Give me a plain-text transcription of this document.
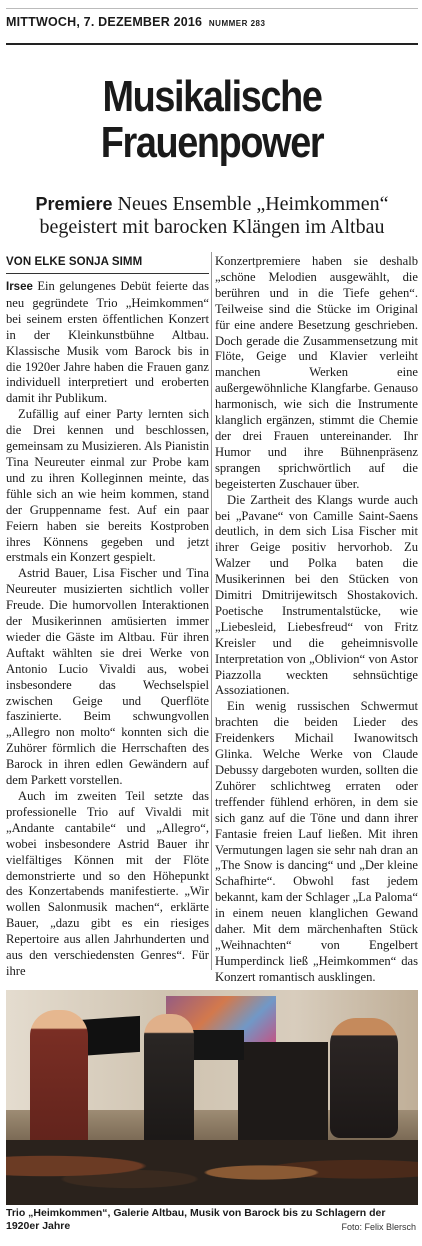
MITTWOCH, 7. DEZEMBER 2016 NUMMER 283
Musikalische
Frauenpower
Premiere Neues Ensemble „Heimkommen“
begeistert mit barocken Klängen im Altbau
VON ELKE SONJA SIMM

Irsee Ein gelungenes Debüt feierte das neu gegründete Trio „Heimkommen“ bei seinem ersten öffentlichen Konzert in der Kleinkunstbühne Altbau. Klassische Musik vom Barock bis in die 1920er Jahre haben die Frauen ganz individuell interpretiert und eroberten damit ihr Publikum.

Zufällig auf einer Party lernten sich die Drei kennen und beschlossen, gemeinsam zu Musizieren. Als Pianistin Tina Neureuter einmal zur Probe kam und zu ihren Kolleginnen meinte, das fühle sich an wie heim kommen, stand der Gruppenname fest. Auf ein paar Feiern haben sie bereits Kostproben ihres Könnens gegeben und jetzt erstmals ein Konzert gespielt.

Astrid Bauer, Lisa Fischer und Tina Neureuter musizierten sichtlich voller Freude. Die humorvollen Interaktionen der Musikerinnen amüsierten immer wieder die Gäste im Altbau. Für ihren Auftakt wählten sie drei Werke von Antonio Lucio Vivaldi aus, wobei insbesondere das Wechselspiel zwischen Geige und Querflöte faszinierte. Beim schwungvollen „Allegro non molto“ konnten sich die Zuhörer förmlich die Herrschaften des Barock in ihren edlen Gewändern auf dem Parkett vorstellen.

Auch im zweiten Teil setzte das professionelle Trio auf Vivaldi mit „Andante cantabile“ und „Allegro“, wobei insbesondere Astrid Bauer ihr vielfältiges Können mit der Flöte demonstrierte und so den Höhepunkt des Konzertabends manifestierte. „Wir wollen Salonmusik machen“, erklärte Bauer, „dazu gibt es ein riesiges Repertoire aus allen Jahrhunderten und aus den verschiedensten Genres“. Für ihre

Konzertpremiere haben sie deshalb „schöne Melodien ausgewählt, die berühren und in die Tiefe gehen“. Teilweise sind die Stücke im Original für eine andere Besetzung geschrieben. Doch gerade die Zusammensetzung mit Flöte, Geige und Klavier verleiht manchen Werken eine außergewöhnliche Klangfarbe. Genauso harmonisch, wie sich die Instrumente klanglich ergänzen, stimmt die Chemie der drei Frauen untereinander. Ihr Humor und ihre Bühnenpräsenz sprangen sprichwörtlich auf die begeisterten Zuschauer über.

Die Zartheit des Klangs wurde auch bei „Pavane“ von Camille Saint-Saens deutlich, in dem sich Lisa Fischer mit ihrer Geige positiv hervorhob. Zu Walzer und Polka baten die Musikerinnen bei den Stücken von Dimitri Dmitrijewitsch Shostakovich. Poetische Instrumentalstücke, wie „Liebesleid, Liebesfreud“ von Fritz Kreisler und die geheimnisvolle Interpretation von „Oblivion“ von Astor Piazzolla weckten sehnsüchtige Assoziationen.

Ein wenig russischen Schwermut brachten die beiden Lieder des Freidenkers Michail Iwanowitsch Glinka. Welche Werke von Claude Debussy dargeboten wurden, sollten die Zuhörer schlichtweg erraten oder treffender fühlend erhören, in dem sie sich ganz auf die Töne und dann ihrer Fantasie freien Lauf ließen. Mit ihren Vermutungen lagen sie sehr nah dran an „The Snow is dancing“ und „Der kleine Schafhirte“. Obwohl fast jedem bekannt, kam der Schlager „La Paloma“ in einem neuen klanglichen Gewand daher. Mit dem märchenhaften Stück „Weihnachten“ von Engelbert Humperdinck ließ „Heimkommen“ das Konzert romantisch ausklingen.

Trio „Heimkommen“, Galerie Altbau, Musik von Barock bis zu Schlagern der 1920er Jahre	Foto: Felix Blersch
